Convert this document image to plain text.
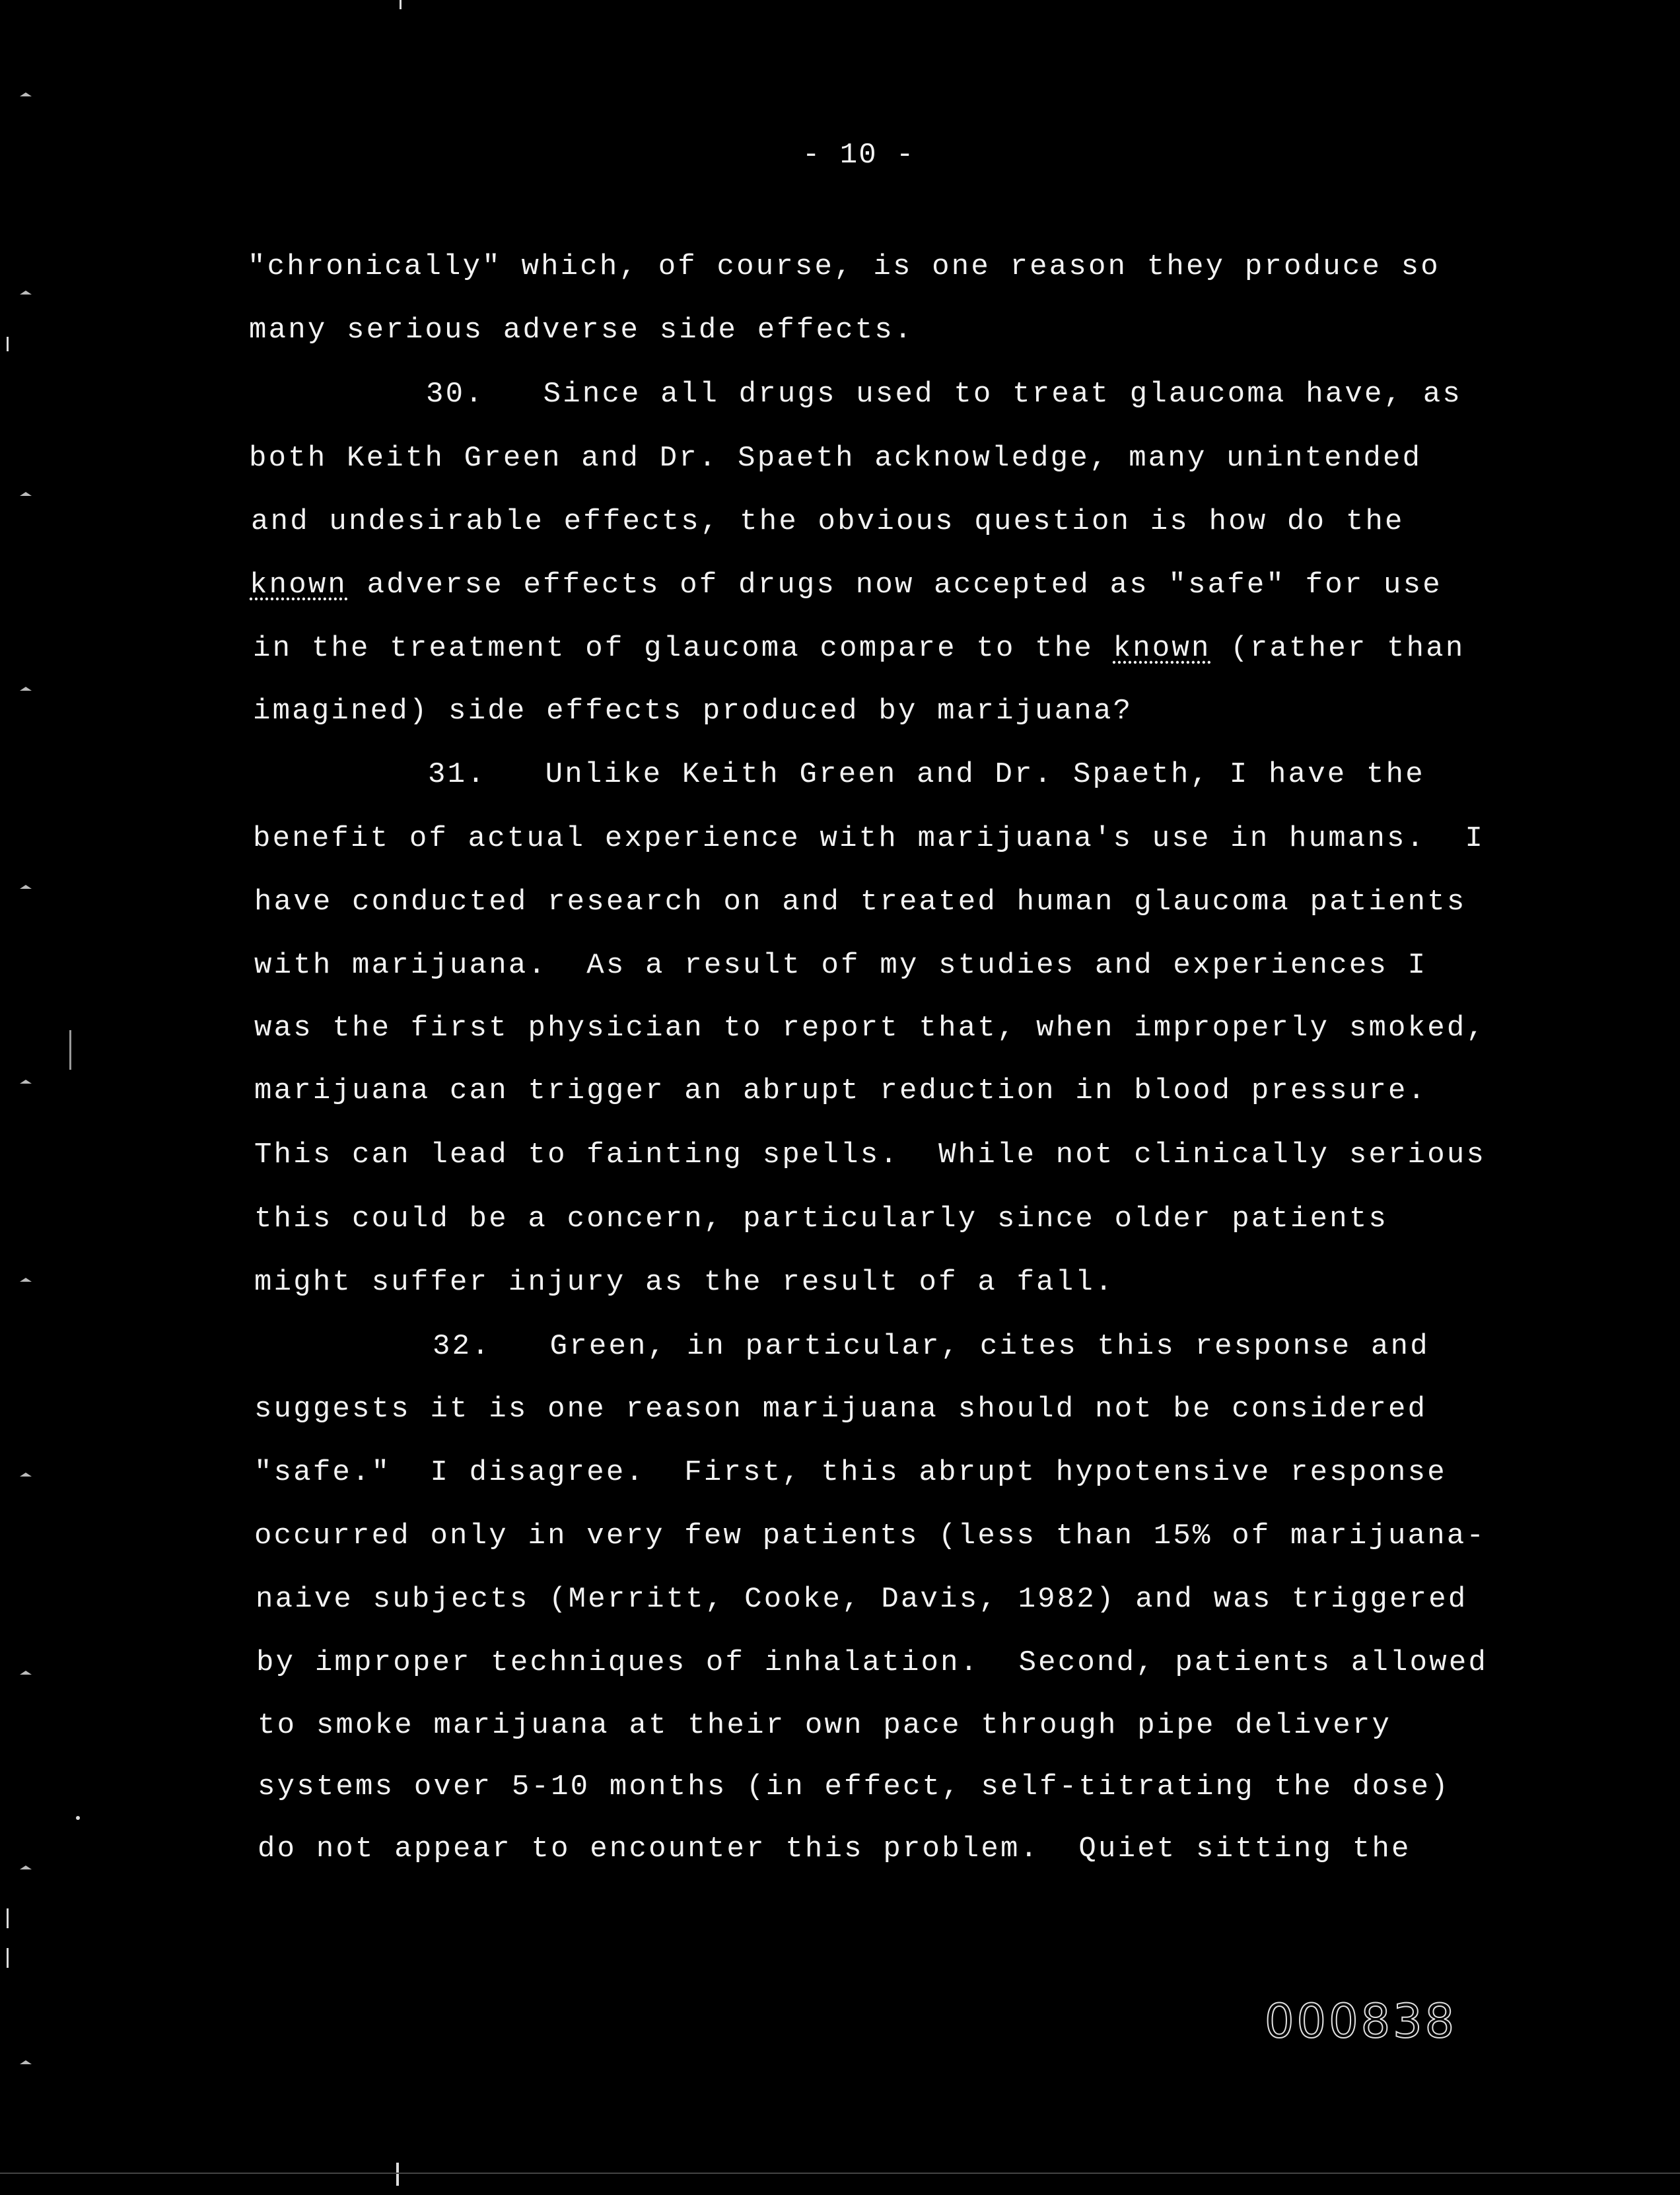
- 10 -
"chronically" which, of course, is one reason they produce so
many serious adverse side effects.
30.   Since all drugs used to treat glaucoma have, as
both Keith Green and Dr. Spaeth acknowledge, many unintended
and undesirable effects, the obvious question is how do the
known adverse effects of drugs now accepted as "safe" for use
in the treatment of glaucoma compare to the known (rather than
imagined) side effects produced by marijuana?
31.   Unlike Keith Green and Dr. Spaeth, I have the
benefit of actual experience with marijuana's use in humans.  I
have conducted research on and treated human glaucoma patients
with marijuana.  As a result of my studies and experiences I
was the first physician to report that, when improperly smoked,
marijuana can trigger an abrupt reduction in blood pressure.
This can lead to fainting spells.  While not clinically serious
this could be a concern, particularly since older patients
might suffer injury as the result of a fall.
32.   Green, in particular, cites this response and
suggests it is one reason marijuana should not be considered
"safe."  I disagree.  First, this abrupt hypotensive response
occurred only in very few patients (less than 15% of marijuana-
naive subjects (Merritt, Cooke, Davis, 1982) and was triggered
by improper techniques of inhalation.  Second, patients allowed
to smoke marijuana at their own pace through pipe delivery
systems over 5-10 months (in effect, self-titrating the dose)
do not appear to encounter this problem.  Quiet sitting the
000838
